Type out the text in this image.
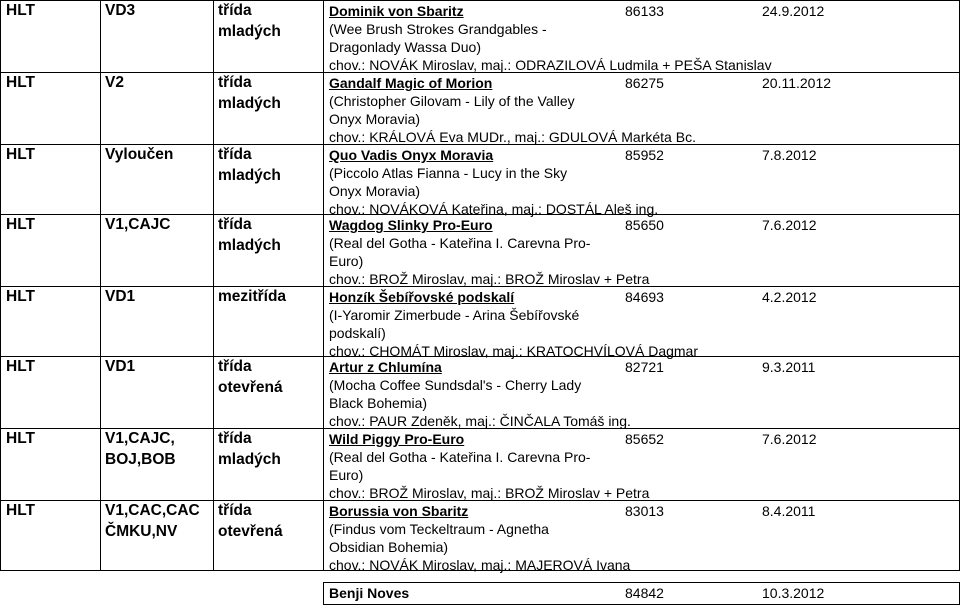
HLT	VD3	třída
mladých
Dominik von Sbaritz	86133	24.9.2012
(Wee Brush Strokes Grandgables -
Dragonlady Wassa Duo)
chov.: NOVÁK Miroslav, maj.: ODRAZILOVÁ Ludmila + PEŠA Stanislav
HLT	V2	třída
mladých
Gandalf Magic of Morion	86275	20.11.2012
(Christopher Gilovam - Lily of the Valley
Onyx Moravia)
chov.: KRÁLOVÁ Eva MUDr., maj.: GDULOVÁ Markéta Bc.
HLT	Vyloučen	třída
mladých
Quo Vadis Onyx Moravia	85952	7.8.2012
(Piccolo Atlas Fianna - Lucy in the Sky
Onyx Moravia)
chov.: NOVÁKOVÁ Kateřina, maj.: DOSTÁL Aleš ing.
HLT	V1,CAJC	třída
mladých
Wagdog Slinky Pro-Euro	85650	7.6.2012
(Real del Gotha - Kateřina I. Carevna Pro-
Euro)
chov.: BROŽ Miroslav, maj.: BROŽ Miroslav + Petra
HLT	VD1	mezitřída	Honzík Šebířovské podskalí	84693	4.2.2012
(I-Yaromir Zimerbude - Arina Šebířovské
podskalí)
chov.: CHOMÁT Miroslav, maj.: KRATOCHVÍLOVÁ Dagmar
HLT	VD1	třída
otevřená
Artur z Chlumína	82721	9.3.2011
(Mocha Coffee Sundsdal's - Cherry Lady
Black Bohemia)
chov.: PAUR Zdeněk, maj.: ČINČALA Tomáš ing.
HLT	V1,CAJC,
BOJ,BOB
třída
mladých
Wild Piggy Pro-Euro	85652	7.6.2012
(Real del Gotha - Kateřina I. Carevna Pro-
Euro)
chov.: BROŽ Miroslav, maj.: BROŽ Miroslav + Petra
HLT	V1,CAC,CAC
ČMKU,NV
třída
otevřená
Borussia von Sbaritz	83013	8.4.2011
(Findus vom Teckeltraum - Agnetha
Obsidian Bohemia)
chov.: NOVÁK Miroslav, maj.: MAJEROVÁ Ivana
Benji Noves	84842	10.3.2012
